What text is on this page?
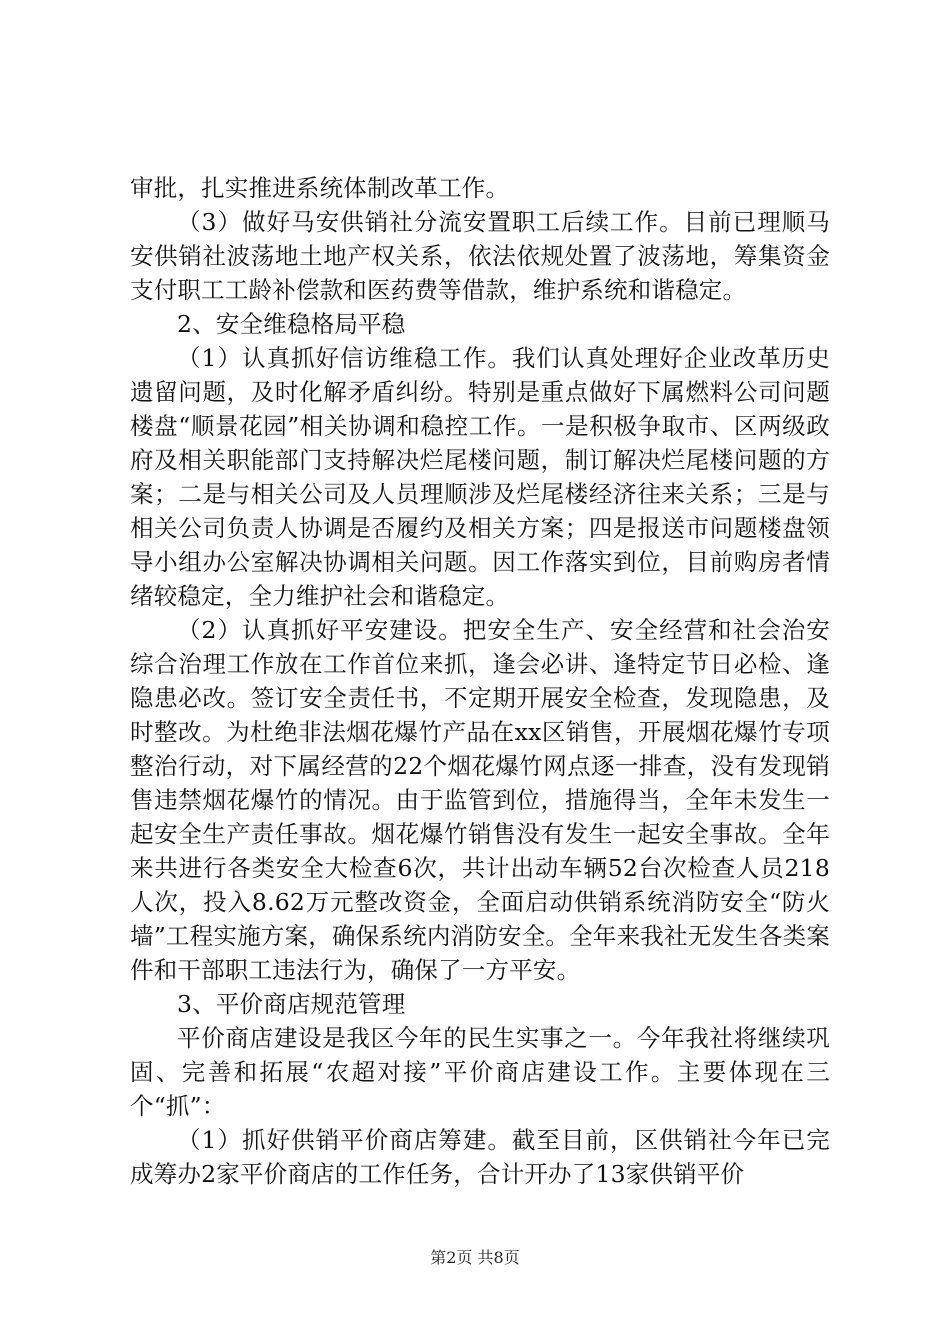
审批，扎实推进系统体制改革工作。

（3）做好马安供销社分流安置职工后续工作。目前已理顺马安供销社波荡地土地产权关系，依法依规处置了波荡地，筹集资金支付职工工龄补偿款和医药费等借款，维护系统和谐稳定。

2、安全维稳格局平稳

（1）认真抓好信访维稳工作。我们认真处理好企业改革历史遗留问题，及时化解矛盾纠纷。特别是重点做好下属燃料公司问题楼盘“顺景花园”相关协调和稳控工作。一是积极争取市、区两级政府及相关职能部门支持解决烂尾楼问题，制订解决烂尾楼问题的方案；二是与相关公司及人员理顺涉及烂尾楼经济往来关系；三是与相关公司负责人协调是否履约及相关方案；四是报送市问题楼盘领导小组办公室解决协调相关问题。因工作落实到位，目前购房者情绪较稳定，全力维护社会和谐稳定。

（2）认真抓好平安建设。把安全生产、安全经营和社会治安综合治理工作放在工作首位来抓，逢会必讲、逢特定节日必检、逢隐患必改。签订安全责任书，不定期开展安全检查，发现隐患，及时整改。为杜绝非法烟花爆竹产品在xx区销售，开展烟花爆竹专项整治行动，对下属经营的22个烟花爆竹网点逐一排查，没有发现销售违禁烟花爆竹的情况。由于监管到位，措施得当，全年未发生一起安全生产责任事故。烟花爆竹销售没有发生一起安全事故。全年来共进行各类安全大检查6次，共计出动车辆52台次检查人员218人次，投入8.62万元整改资金，全面启动供销系统消防安全“防火墙”工程实施方案，确保系统内消防安全。全年来我社无发生各类案件和干部职工违法行为，确保了一方平安。

3、平价商店规范管理

平价商店建设是我区今年的民生实事之一。今年我社将继续巩固、完善和拓展“农超对接”平价商店建设工作。主要体现在三个“抓”：

（1）抓好供销平价商店筹建。截至目前，区供销社今年已完成筹办2家平价商店的工作任务，合计开办了13家供销平价

第2页 共8页
